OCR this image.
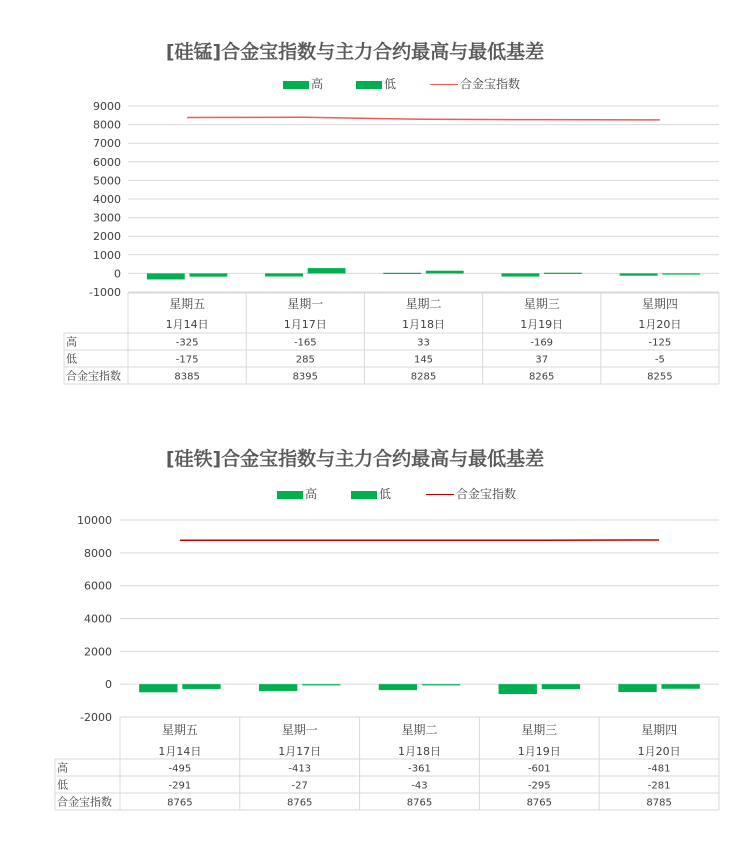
[硅锰]合金宝指数与主力合约最高与最低基差
高	低	合金宝指数
9000
8000
7000
6000
5000
4000
3000
2000
1000
0
-1000
星期五
1月14日
星期一
1月17日
星期二
1月18日
星期三
1月19日
星期四
1月20日
高	-325	-165	33	-169	-125
低	-175	285	145	37	-5
合金宝指数	8385	8395	8285	8265	8255
[硅铁]合金宝指数与主力合约最高与最低基差
高	低	合金宝指数
10000
8000
6000
4000
2000
0
-2000
星期五
1月14日
星期一
1月17日
星期二
1月18日
星期三
1月19日
星期四
1月20日
高	-495	-413	-361	-601	-481
低	-291	-27	-43	-295	-281
合金宝指数	8765	8765	8765	8765	8785
